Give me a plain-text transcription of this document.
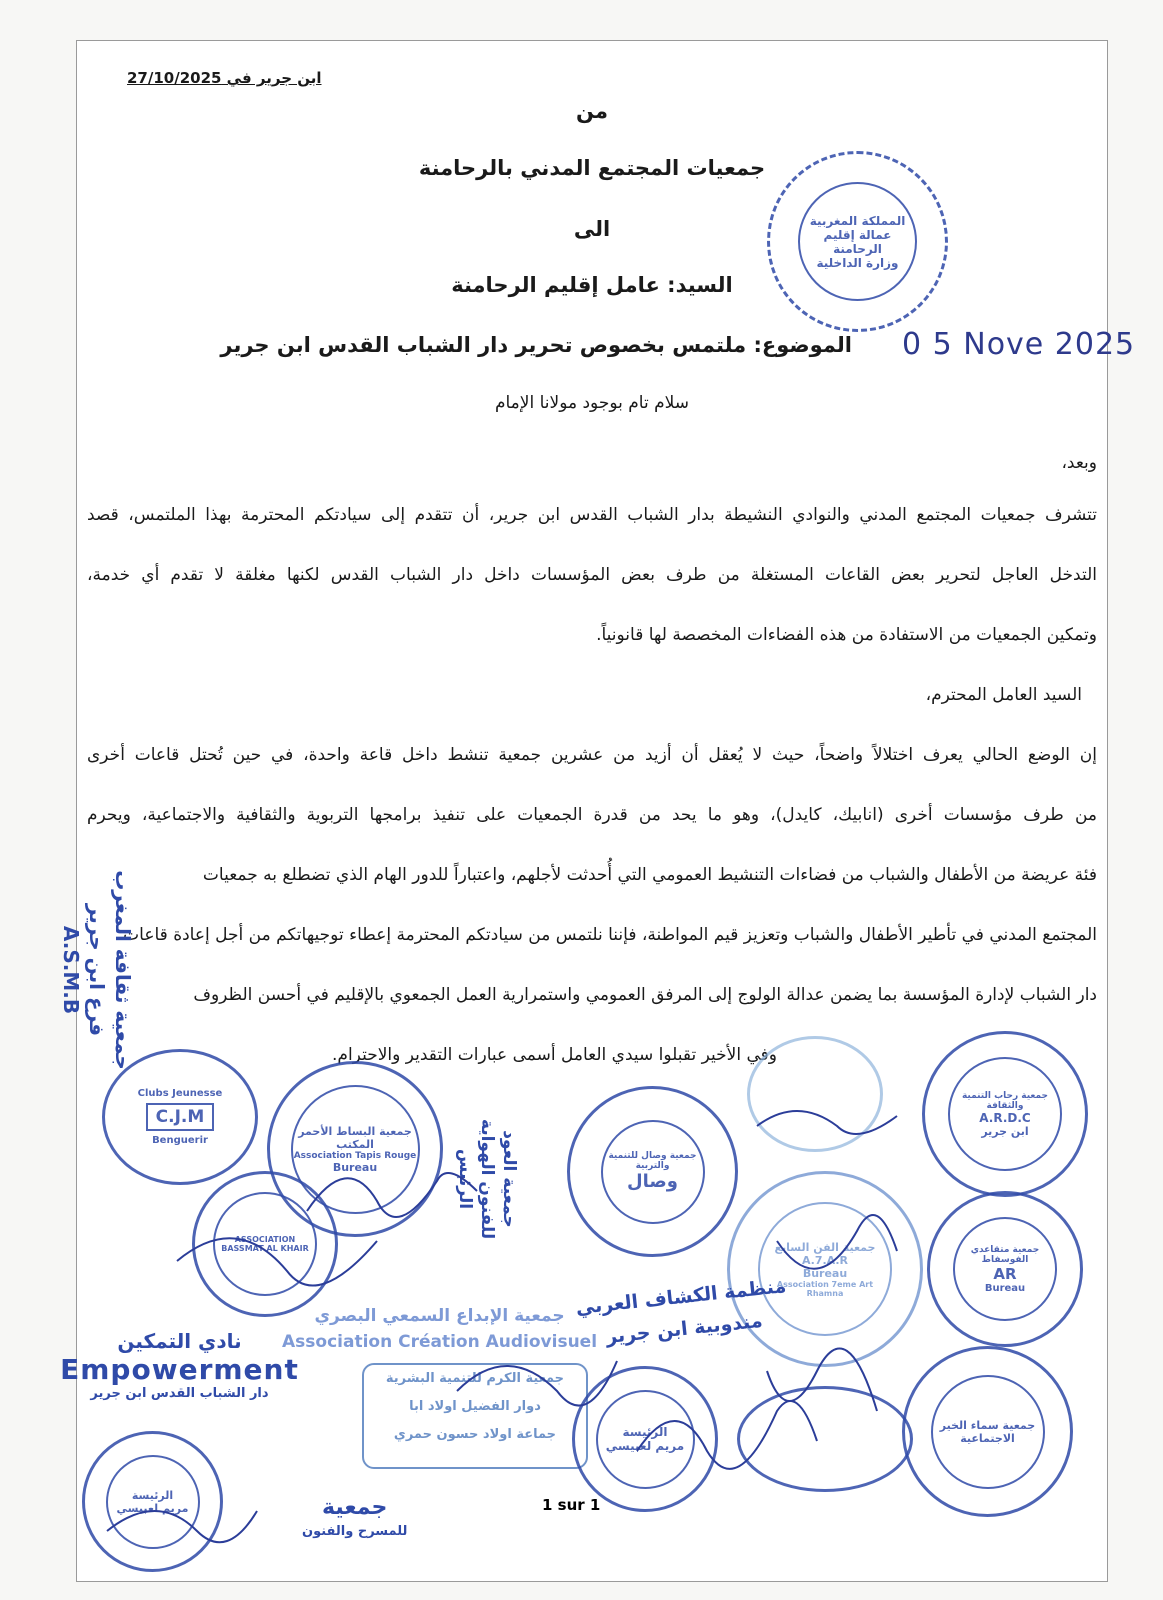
ابن جرير في 27/10/2025
من
جمعيات المجتمع المدني بالرحامنة
الى
السيد: عامل إقليم الرحامنة
الموضوع: ملتمس بخصوص تحرير دار الشباب القدس ابن جرير 0 5 Nove 2025
سلام تام بوجود مولانا الإمام
المملكة المغربية
عمالة إقليم الرحامنة
وزارة الداخلية
وبعد،
تتشرف جمعيات المجتمع المدني والنوادي النشيطة بدار الشباب القدس ابن جرير، أن تتقدم إلى سيادتكم المحترمة بهذا الملتمس، قصد
التدخل العاجل لتحرير بعض القاعات المستغلة من طرف بعض المؤسسات داخل دار الشباب القدس لكنها مغلقة لا تقدم أي خدمة،
وتمكين الجمعيات من الاستفادة من هذه الفضاءات المخصصة لها قانونياً.
السيد العامل المحترم،
إن الوضع الحالي يعرف اختلالاً واضحاً، حيث لا يُعقل أن أزيد من عشرين جمعية تنشط داخل قاعة واحدة، في حين تُحتل قاعات أخرى
من طرف مؤسسات أخرى (انابيك، كايدل)، وهو ما يحد من قدرة الجمعيات على تنفيذ برامجها التربوية والثقافية والاجتماعية، ويحرم
فئة عريضة من الأطفال والشباب من فضاءات التنشيط العمومي التي أُحدثت لأجلهم، واعتباراً للدور الهام الذي تضطلع به جمعيات
المجتمع المدني في تأطير الأطفال والشباب وتعزيز قيم المواطنة، فإننا نلتمس من سيادتكم المحترمة إعطاء توجيهاتكم من أجل إعادة قاعات
دار الشباب لإدارة المؤسسة بما يضمن عدالة الولوج إلى المرفق العمومي واستمرارية العمل الجمعوي بالإقليم في أحسن الظروف
وفي الأخير تقبلوا سيدي العامل أسمى عبارات التقدير والاحترام.
جمعية ثقافة المغرب
فرع ابن جرير
A.S.M.B
Clubs Jeunesse
C.J.M
Benguerir
جمعية البساط الأحمر
المكتب
Association Tapis Rouge
Bureau	جمعية العود
للفنون الهواية
الرئيس	جمعية وصال للتنمية والتربية
وصال
جمعية رحاب التنمية والثقافة
A.R.D.C
ابن جرير
ASSOCIATION BASSMAT AL KHAIR	جمعية الفن السابع
A.7.A.R
Bureau
Association 7eme Art Rhamna
جمعية متقاعدي الفوسفاط
AR
Bureau
منظمة الكشاف العربي
مندوبية ابن جرير
جمعية الإبداع السمعي البصري
Association Création Audiovisuel
نادي التمكين
Empowerment
دار الشباب القدس ابن جرير
جمعية الكرم للتنمية البشرية
دوار الفضيل اولاد ابا
جماعة اولاد حسون حمري	الرئيسة
مريم لعبيسي
جمعية سماء الخير
الاجتماعية
الرئيسة
مريم لعبيسي	جمعية
للمسرح والفنون
1 sur 1
